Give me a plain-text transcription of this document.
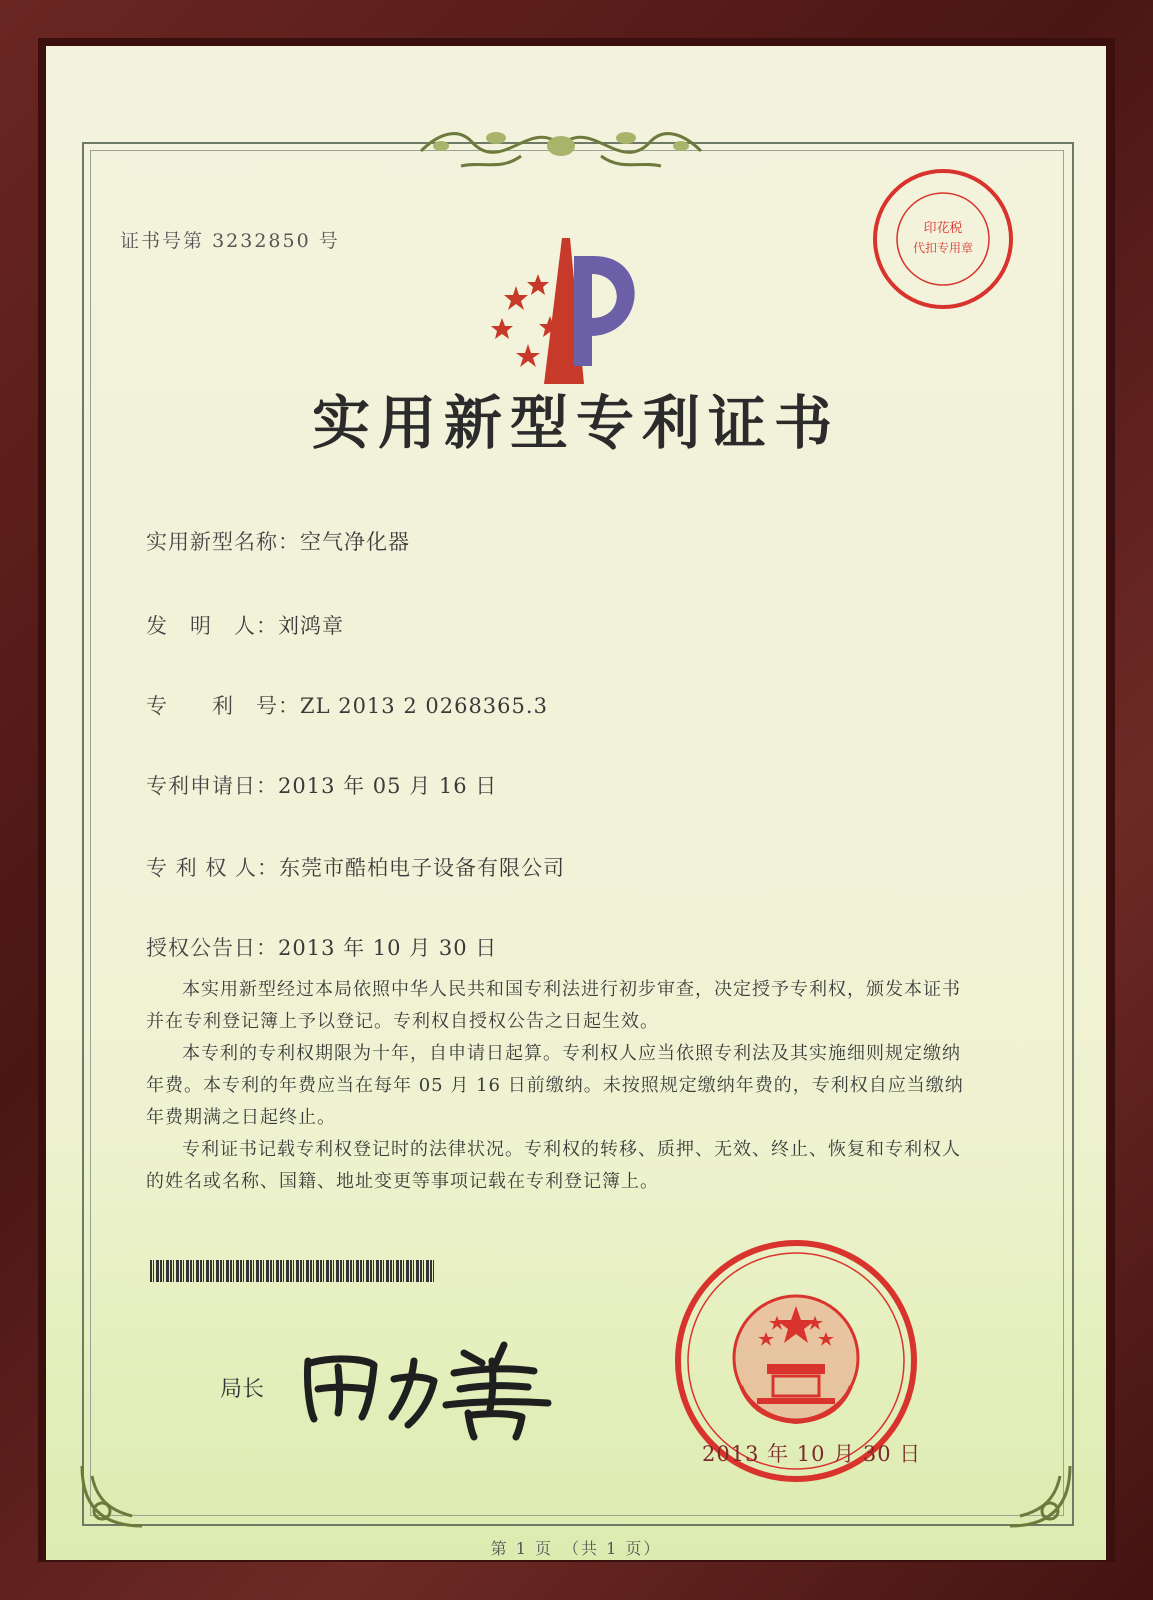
证书号第 3232850 号
印花税
代扣专用章
实用新型专利证书
实用新型名称：空气净化器
发　明　人：刘鸿章
专　　利　号：ZL 2013 2 0268365.3
专利申请日：2013 年 05 月 16 日
专 利 权 人：东莞市酷柏电子设备有限公司
授权公告日：2013 年 10 月 30 日

本实用新型经过本局依照中华人民共和国专利法进行初步审查，决定授予专利权，颁发本证书并在专利登记簿上予以登记。专利权自授权公告之日起生效。

本专利的专利权期限为十年，自申请日起算。专利权人应当依照专利法及其实施细则规定缴纳年费。本专利的年费应当在每年 05 月 16 日前缴纳。未按照规定缴纳年费的，专利权自应当缴纳年费期满之日起终止。

专利证书记载专利权登记时的法律状况。专利权的转移、质押、无效、终止、恢复和专利权人的姓名或名称、国籍、地址变更等事项记载在专利登记簿上。

局长
2013 年 10 月 30 日
第 1 页　（共 1 页）
